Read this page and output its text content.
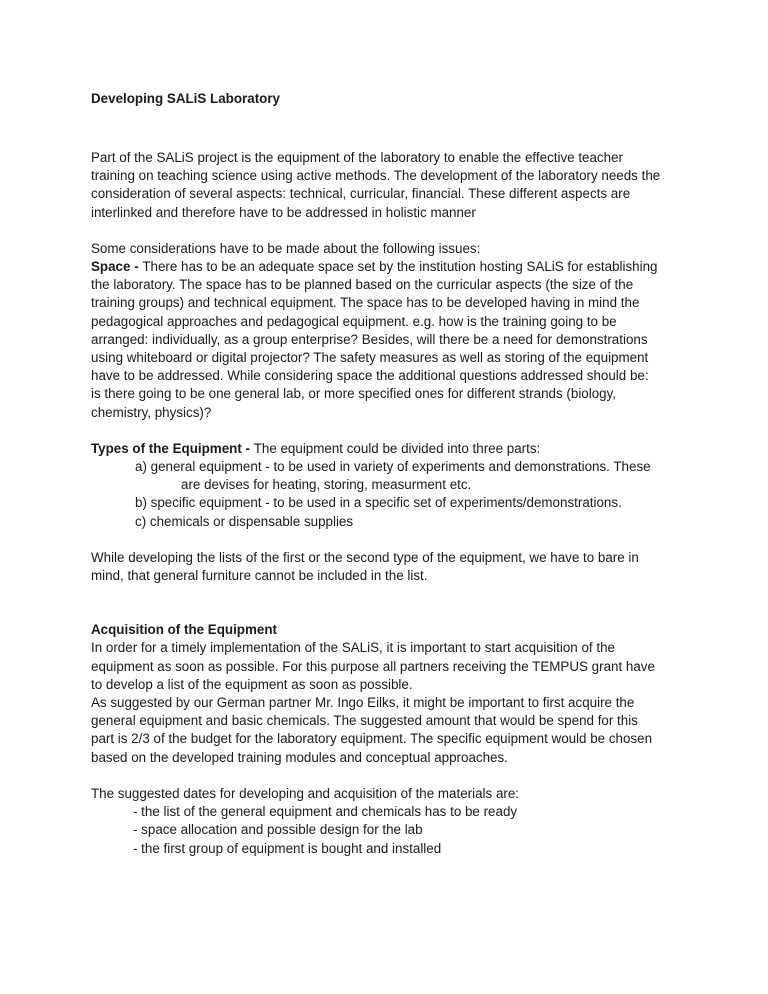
Developing SALiS Laboratory
Part of the SALiS project is the equipment of the laboratory to enable the effective teacher
training on teaching science using active methods. The development of the laboratory needs the
consideration of several aspects: technical, curricular, financial. These different aspects are
interlinked and therefore have to be addressed in holistic manner
Some considerations have to be made about the following issues:
Space - There has to be an adequate space set by the institution hosting SALiS for establishing
the laboratory. The space has to be planned based on the curricular aspects (the size of the
training groups) and technical equipment. The space has to be developed having in mind the
pedagogical approaches and pedagogical equipment. e.g. how is the training going to be
arranged: individually, as a group enterprise? Besides, will there be a need for demonstrations
using whiteboard or digital projector? The safety measures as well as storing of the equipment
have to be addressed. While considering space the additional questions addressed should be:
is there going to be one general lab, or more specified ones for different strands (biology,
chemistry, physics)?
Types of the Equipment - The equipment could be divided into three parts:
a) general equipment - to be used in variety of experiments and demonstrations. These
are devises for heating, storing, measurment etc.
b) specific equipment - to be used in a specific set of experiments/demonstrations.
c) chemicals or dispensable supplies
While developing the lists of the first or the second type of the equipment, we have to bare in
mind, that general furniture cannot be included in the list.
Acquisition of the Equipment
In order for a timely implementation of the SALiS, it is important to start acquisition of the
equipment as soon as possible. For this purpose all partners receiving the TEMPUS grant have
to develop a list of the equipment as soon as possible.
As suggested by our German partner Mr. Ingo Eilks, it might be important to first acquire the
general equipment and basic chemicals. The suggested amount that would be spend for this
part is 2/3 of the budget for the laboratory equipment. The specific equipment would be chosen
based on the developed training modules and conceptual approaches.
The suggested dates for developing and acquisition of the materials are:
- the list of the general equipment and chemicals has to be ready
- space allocation and possible design for the lab
- the first group of equipment is bought and installed
